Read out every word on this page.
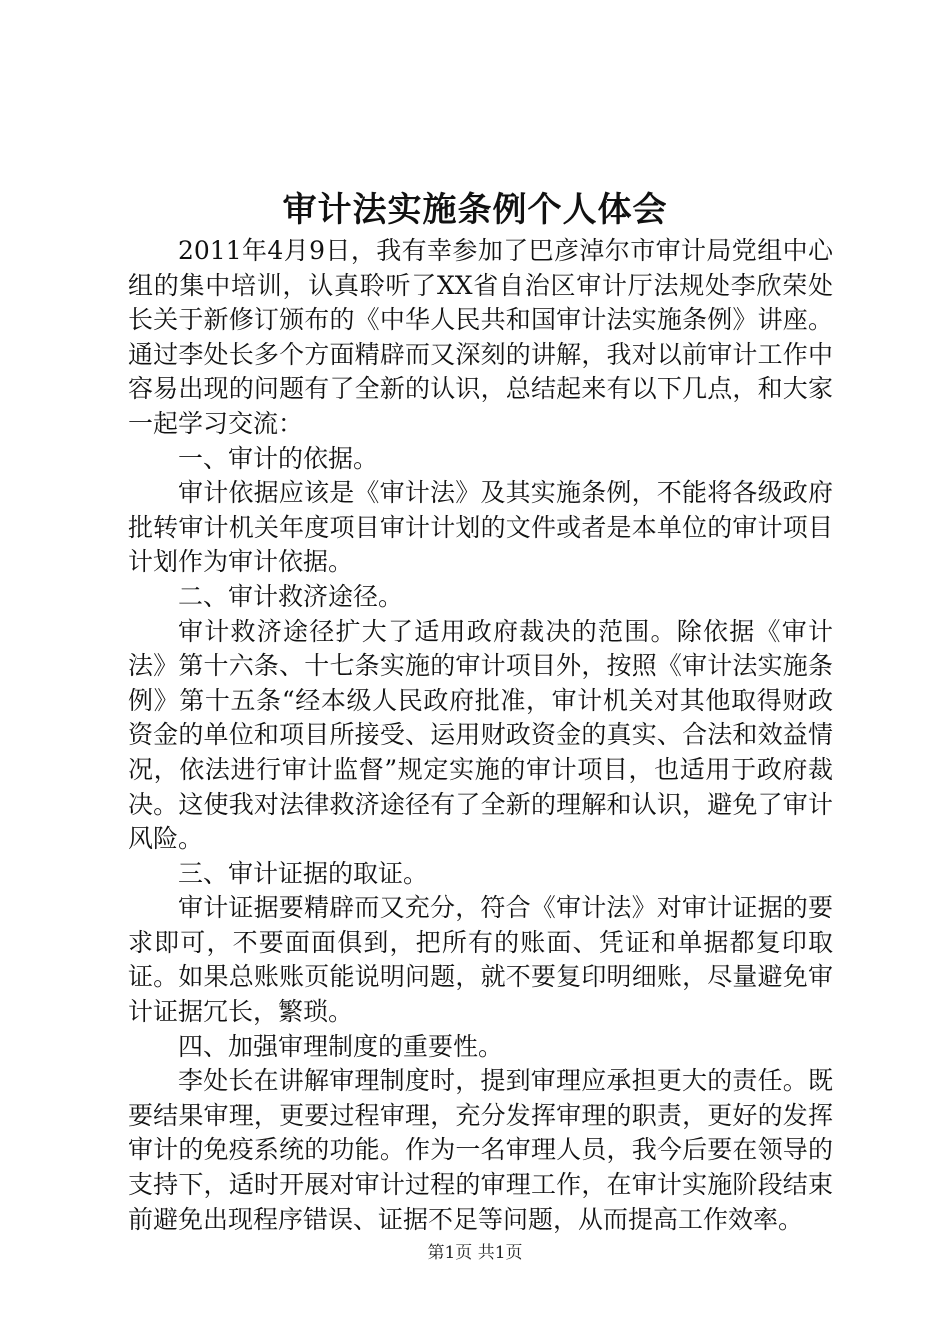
审计法实施条例个人体会

2011年4月9日，我有幸参加了巴彦淖尔市审计局党组中心组的集中培训，认真聆听了XX省自治区审计厅法规处李欣荣处长关于新修订颁布的《中华人民共和国审计法实施条例》讲座。通过李处长多个方面精辟而又深刻的讲解，我对以前审计工作中容易出现的问题有了全新的认识，总结起来有以下几点，和大家一起学习交流：

一、审计的依据。

审计依据应该是《审计法》及其实施条例，不能将各级政府批转审计机关年度项目审计计划的文件或者是本单位的审计项目计划作为审计依据。

二、审计救济途径。

审计救济途径扩大了适用政府裁决的范围。除依据《审计法》第十六条、十七条实施的审计项目外，按照《审计法实施条例》第十五条“经本级人民政府批准，审计机关对其他取得财政资金的单位和项目所接受、运用财政资金的真实、合法和效益情况，依法进行审计监督”规定实施的审计项目，也适用于政府裁决。这使我对法律救济途径有了全新的理解和认识，避免了审计风险。

三、审计证据的取证。

审计证据要精辟而又充分，符合《审计法》对审计证据的要求即可，不要面面俱到，把所有的账面、凭证和单据都复印取证。如果总账账页能说明问题，就不要复印明细账，尽量避免审计证据冗长，繁琐。

四、加强审理制度的重要性。

李处长在讲解审理制度时，提到审理应承担更大的责任。既要结果审理，更要过程审理，充分发挥审理的职责，更好的发挥审计的免疫系统的功能。作为一名审理人员，我今后要在领导的支持下，适时开展对审计过程的审理工作，在审计实施阶段结束前避免出现程序错误、证据不足等问题，从而提高工作效率。

第1页 共1页
